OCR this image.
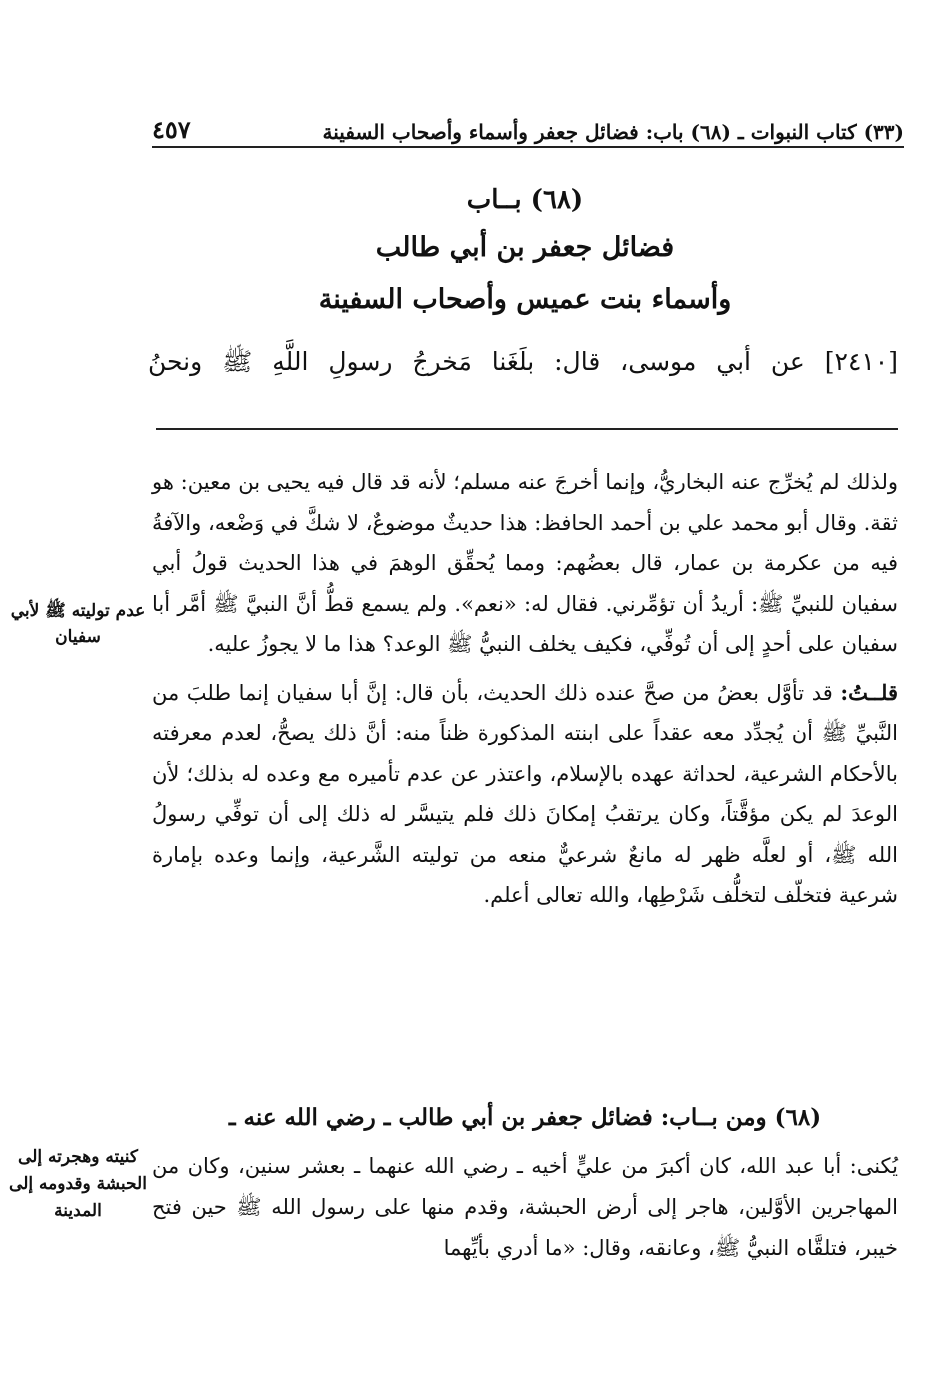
(٣٣) كتاب النبوات ـ (٦٨) باب: فضائل جعفر وأسماء وأصحاب السفينة
٤٥٧
(٦٨) بــاب
فضائل جعفر بن أبي طالب
وأسماء بنت عميس وأصحاب السفينة
[٢٤١٠] عن أبي موسى، قال: بلَغَنا مَخرجُ رسولِ اللَّهِ ﷺ ونحنُ

ولذلك لم يُخرِّج عنه البخاريُّ، وإنما أخرجَ عنه مسلم؛ لأنه قد قال فيه يحيى بن معين: هو ثقة. وقال أبو محمد علي بن أحمد الحافظ: هذا حديثٌ موضوعٌ، لا شكَّ في وَضْعه، والآفةُ فيه من عكرمة بن عمار، قال بعضُهم: ومما يُحقِّق الوهمَ في هذا الحديث قولُ أبي سفيان للنبيِّ ﷺ: أريدُ أن تؤمِّرني. فقال له: «نعم». ولم يسمع قطُّ أنَّ النبيَّ ﷺ أمَّر أبا سفيان على أحدٍ إلى أن تُوفِّي، فكيف يخلف النبيُّ ﷺ الوعد؟ هذا ما لا يجوزُ عليه.

قلــتُ: قد تأوَّل بعضُ من صحَّ عنده ذلك الحديث، بأن قال: إنَّ أبا سفيان إنما طلبَ من النَّبيِّ ﷺ أن يُجدِّد معه عقداً على ابنته المذكورة ظناً منه: أنَّ ذلك يصحُّ، لعدم معرفته بالأحكام الشرعية، لحداثة عهده بالإسلام، واعتذر عن عدم تأميره مع وعده له بذلك؛ لأن الوعدَ لم يكن مؤقَّتاً، وكان يرتقبُ إمكانَ ذلك فلم يتيسَّر له ذلك إلى أن توفِّي رسولُ الله ﷺ، أو لعلَّه ظهر له مانعٌ شرعيٌّ منعه من توليته الشَّرعية، وإنما وعده بإمارة شرعية فتخلّف لتخلُّف شَرْطِها، والله تعالى أعلم.

(٦٨) ومن بــاب: فضائل جعفر بن أبي طالب ـ رضي الله عنه ـ

يُكنى: أبا عبد الله، كان أكبرَ من عليٍّ أخيه ـ رضي الله عنهما ـ بعشر سنين، وكان من المهاجرين الأوَّلين، هاجر إلى أرض الحبشة، وقدم منها على رسول الله ﷺ حين فتح خيبر، فتلقَّاه النبيُّ ﷺ، وعانقه، وقال: «ما أدري بأيِّهما

عدم توليته ﷺ لأبي سفيان
كنيته وهجرته إلى الحبشة وقدومه إلى المدينة
